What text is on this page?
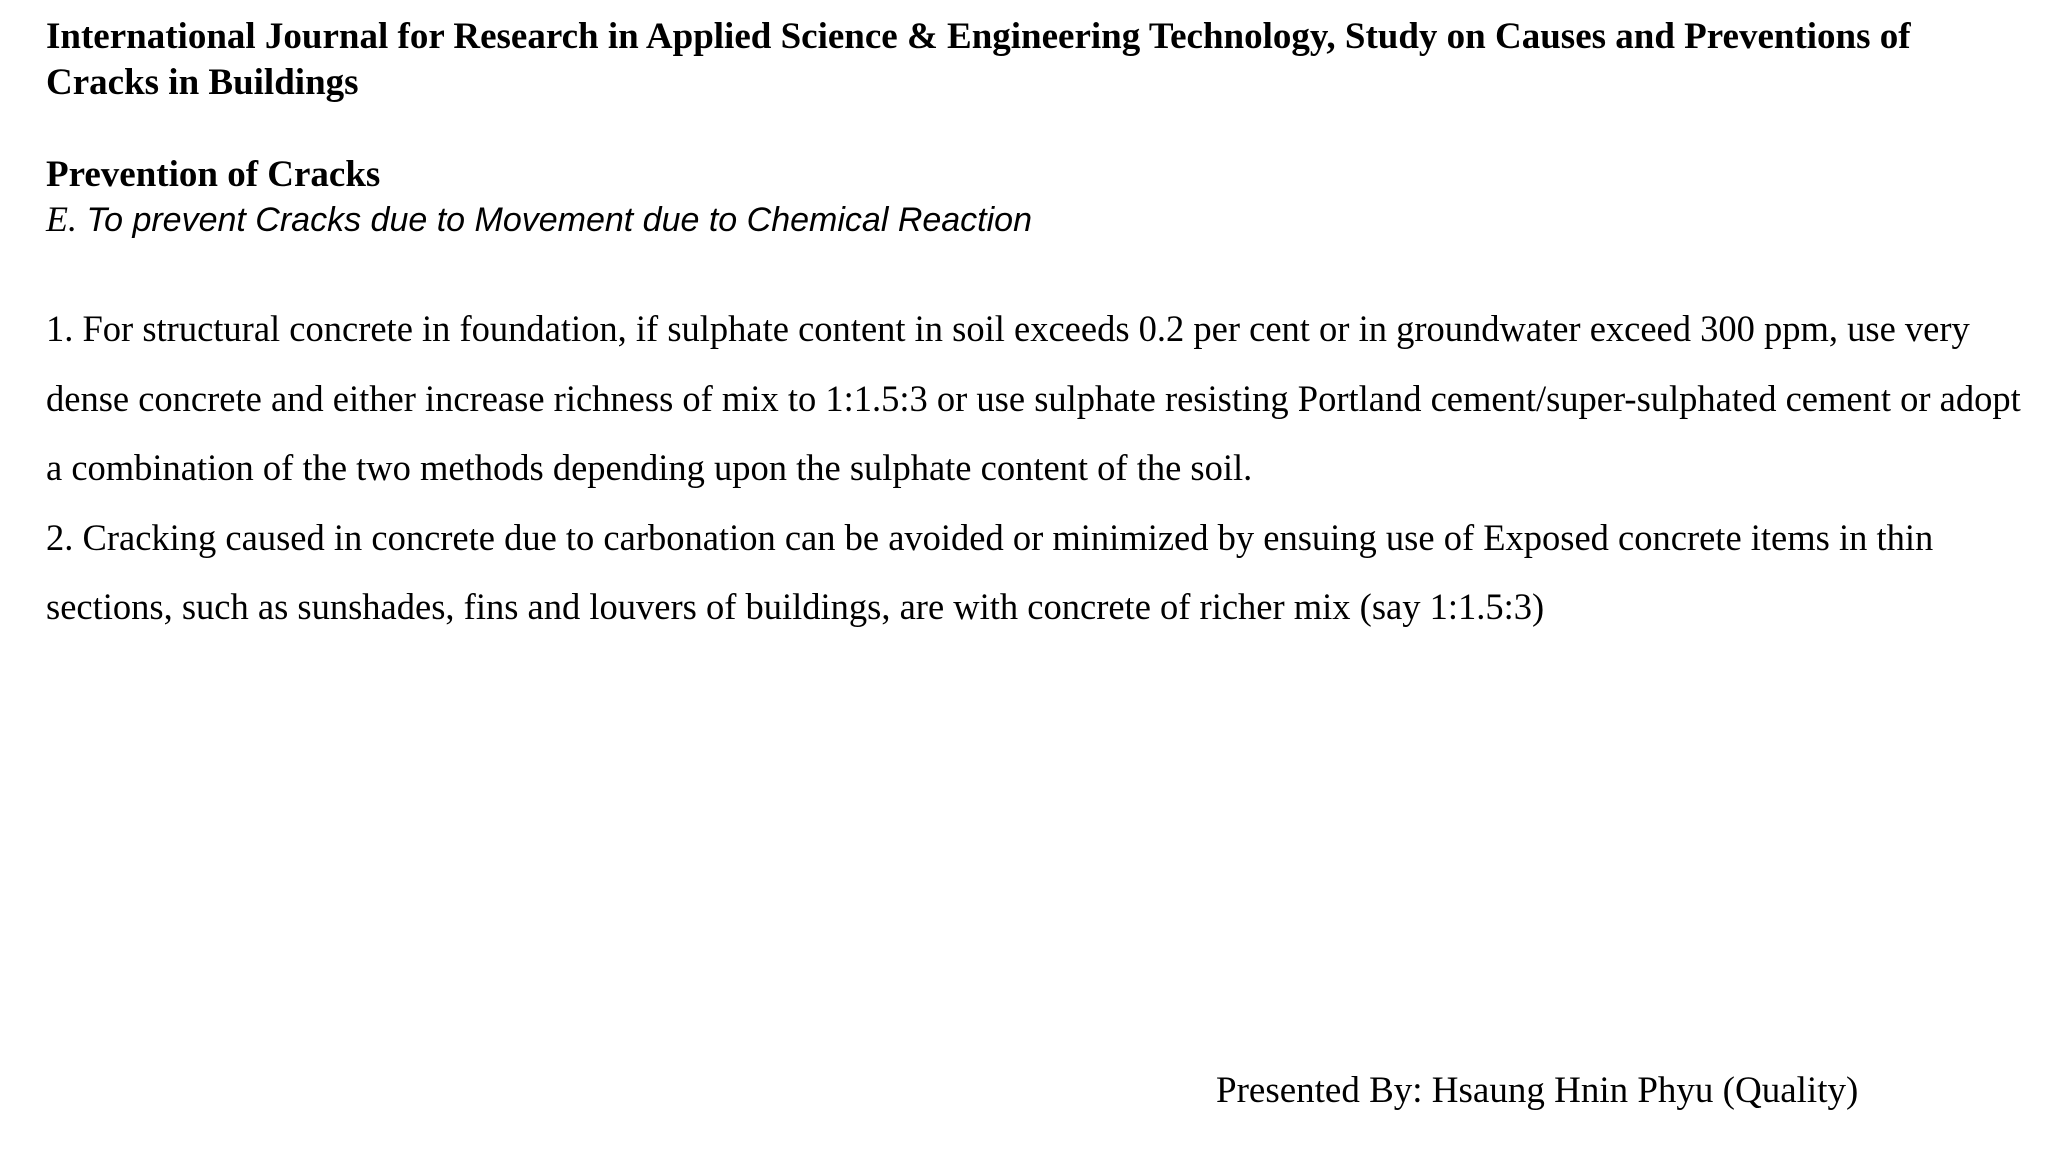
International Journal for Research in Applied Science & Engineering Technology, Study on Causes and Preventions of Cracks in Buildings
Prevention of Cracks
E. To prevent Cracks due to Movement due to Chemical Reaction

1. For structural concrete in foundation, if sulphate content in soil exceeds 0.2 per cent or in groundwater exceed 300 ppm, use very dense concrete and either increase richness of mix to 1:1.5:3 or use sulphate resisting Portland cement/super-sulphated cement or adopt a combination of the two methods depending upon the sulphate content of the soil.

2. Cracking caused in concrete due to carbonation can be avoided or minimized by ensuing use of Exposed concrete items in thin sections, such as sunshades, fins and louvers of buildings, are with concrete of richer mix (say 1:1.5:3)

Presented By: Hsaung Hnin Phyu (Quality)
